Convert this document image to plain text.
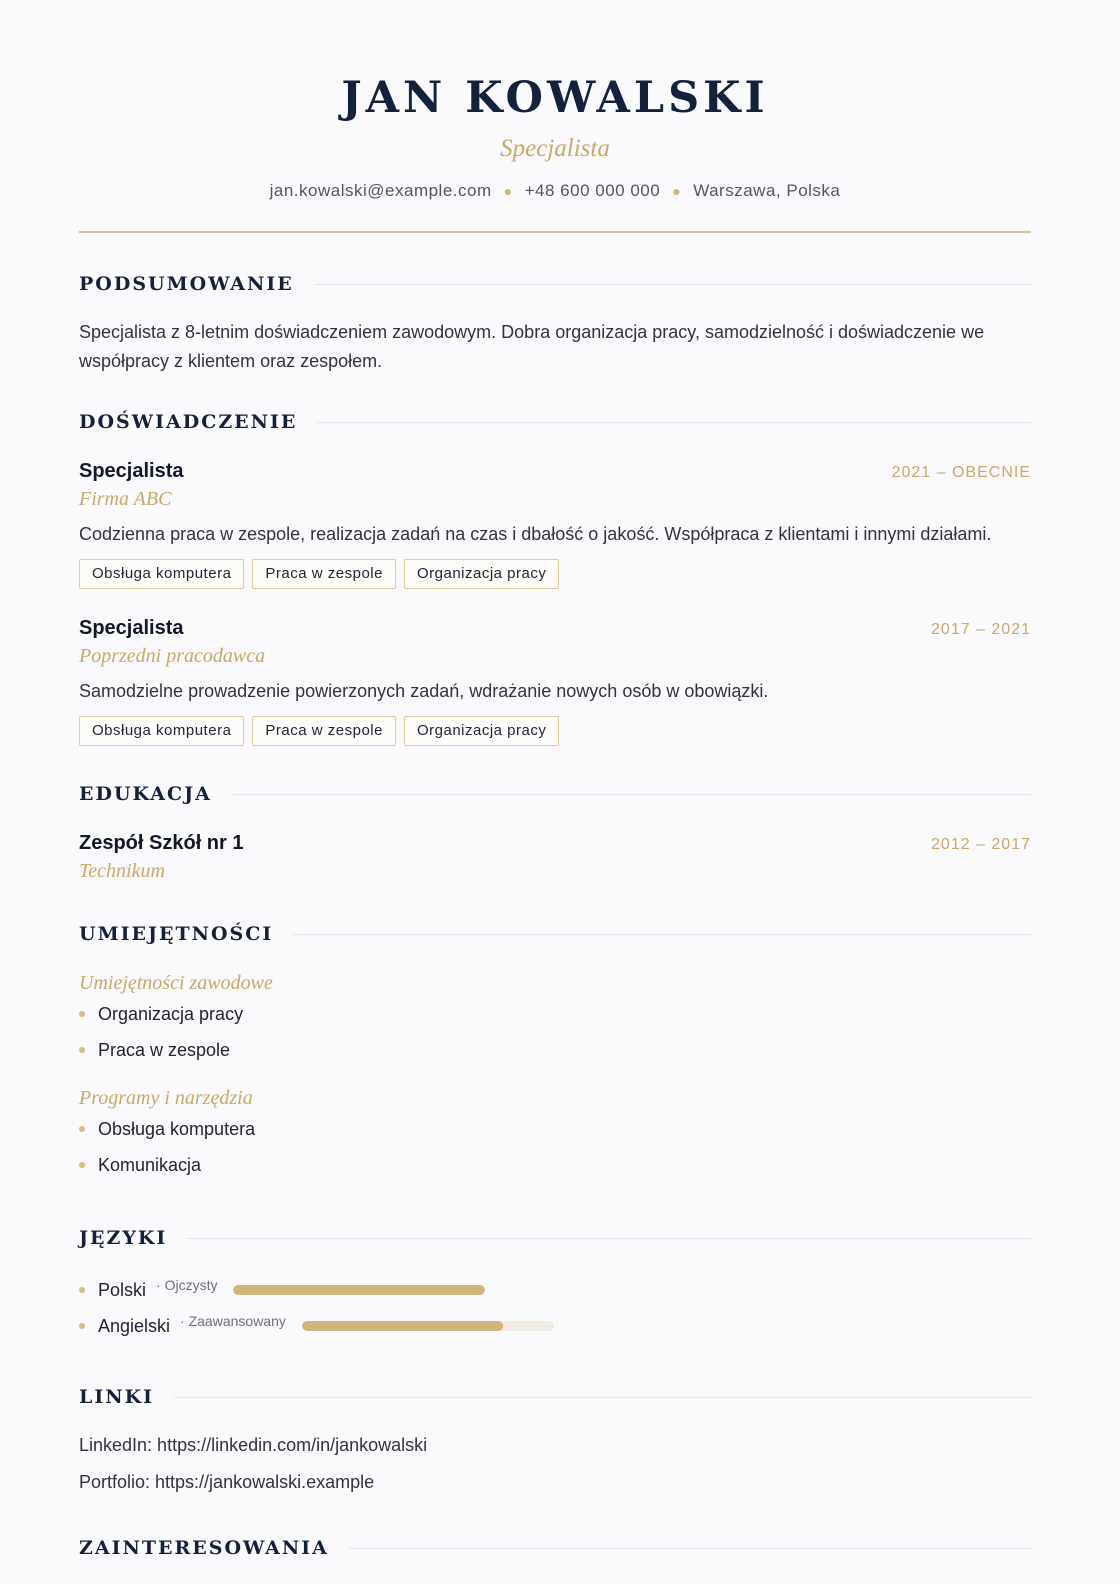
JAN KOWALSKI
Specjalista
jan.kowalski@example.com ● +48 600 000 000 ● Warszawa, Polska
PODSUMOWANIE

Specjalista z 8-letnim doświadczeniem zawodowym. Dobra organizacja pracy, samodzielność i doświadczenie we współpracy z klientem oraz zespołem.

DOŚWIADCZENIE
Specjalista	2021 – OBECNIE
Firma ABC
Codzienna praca w zespole, realizacja zadań na czas i dbałość o jakość. Współpraca z klientami i innymi działami.
Obsługa komputera	Praca w zespole	Organizacja pracy
Specjalista	2017 – 2021
Poprzedni pracodawca
Samodzielne prowadzenie powierzonych zadań, wdrażanie nowych osób w obowiązki.
Obsługa komputera	Praca w zespole	Organizacja pracy
EDUKACJA
Zespół Szkół nr 1	2012 – 2017
Technikum
UMIEJĘTNOŚCI
Umiejętności zawodowe
Organizacja pracy
Praca w zespole
Programy i narzędzia
Obsługa komputera
Komunikacja
JĘZYKI
Polski · Ojczysty
Angielski · Zaawansowany
LINKI
LinkedIn: https://linkedin.com/in/jankowalski
Portfolio: https://jankowalski.example
ZAINTERESOWANIA
